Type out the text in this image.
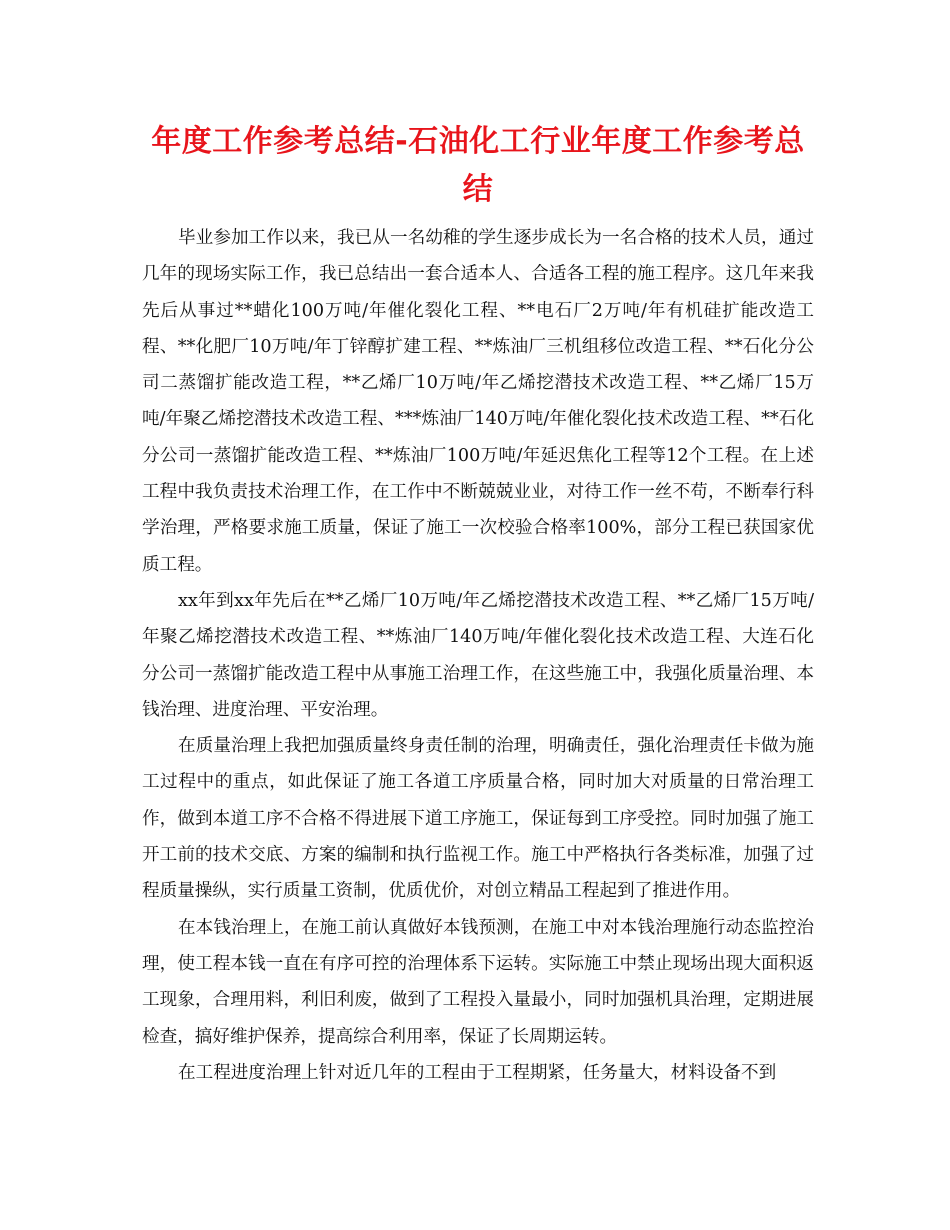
年度工作参考总结-石油化工行业年度工作参考总结

毕业参加工作以来，我已从一名幼稚的学生逐步成长为一名合格的技术人员，通过几年的现场实际工作，我已总结出一套合适本人、合适各工程的施工程序。这几年来我先后从事过**蜡化100万吨/年催化裂化工程、**电石厂2万吨/年有机硅扩能改造工程、**化肥厂10万吨/年丁锌醇扩建工程、**炼油厂三机组移位改造工程、**石化分公司二蒸馏扩能改造工程，**乙烯厂10万吨/年乙烯挖潜技术改造工程、**乙烯厂15万吨/年聚乙烯挖潜技术改造工程、***炼油厂140万吨/年催化裂化技术改造工程、**石化分公司一蒸馏扩能改造工程、**炼油厂100万吨/年延迟焦化工程等12个工程。在上述工程中我负责技术治理工作，在工作中不断兢兢业业，对待工作一丝不苟，不断奉行科学治理，严格要求施工质量，保证了施工一次校验合格率100%，部分工程已获国家优质工程。

xx年到xx年先后在**乙烯厂10万吨/年乙烯挖潜技术改造工程、**乙烯厂15万吨/年聚乙烯挖潜技术改造工程、**炼油厂140万吨/年催化裂化技术改造工程、大连石化分公司一蒸馏扩能改造工程中从事施工治理工作，在这些施工中，我强化质量治理、本钱治理、进度治理、平安治理。

在质量治理上我把加强质量终身责任制的治理，明确责任，强化治理责任卡做为施工过程中的重点，如此保证了施工各道工序质量合格，同时加大对质量的日常治理工作，做到本道工序不合格不得进展下道工序施工，保证每到工序受控。同时加强了施工开工前的技术交底、方案的编制和执行监视工作。施工中严格执行各类标准，加强了过程质量操纵，实行质量工资制，优质优价，对创立精品工程起到了推进作用。

在本钱治理上，在施工前认真做好本钱预测，在施工中对本钱治理施行动态监控治理，使工程本钱一直在有序可控的治理体系下运转。实际施工中禁止现场出现大面积返工现象，合理用料，利旧利废，做到了工程投入量最小，同时加强机具治理，定期进展检查，搞好维护保养，提高综合利用率，保证了长周期运转。

在工程进度治理上针对近几年的工程由于工程期紧，任务量大，材料设备不到
